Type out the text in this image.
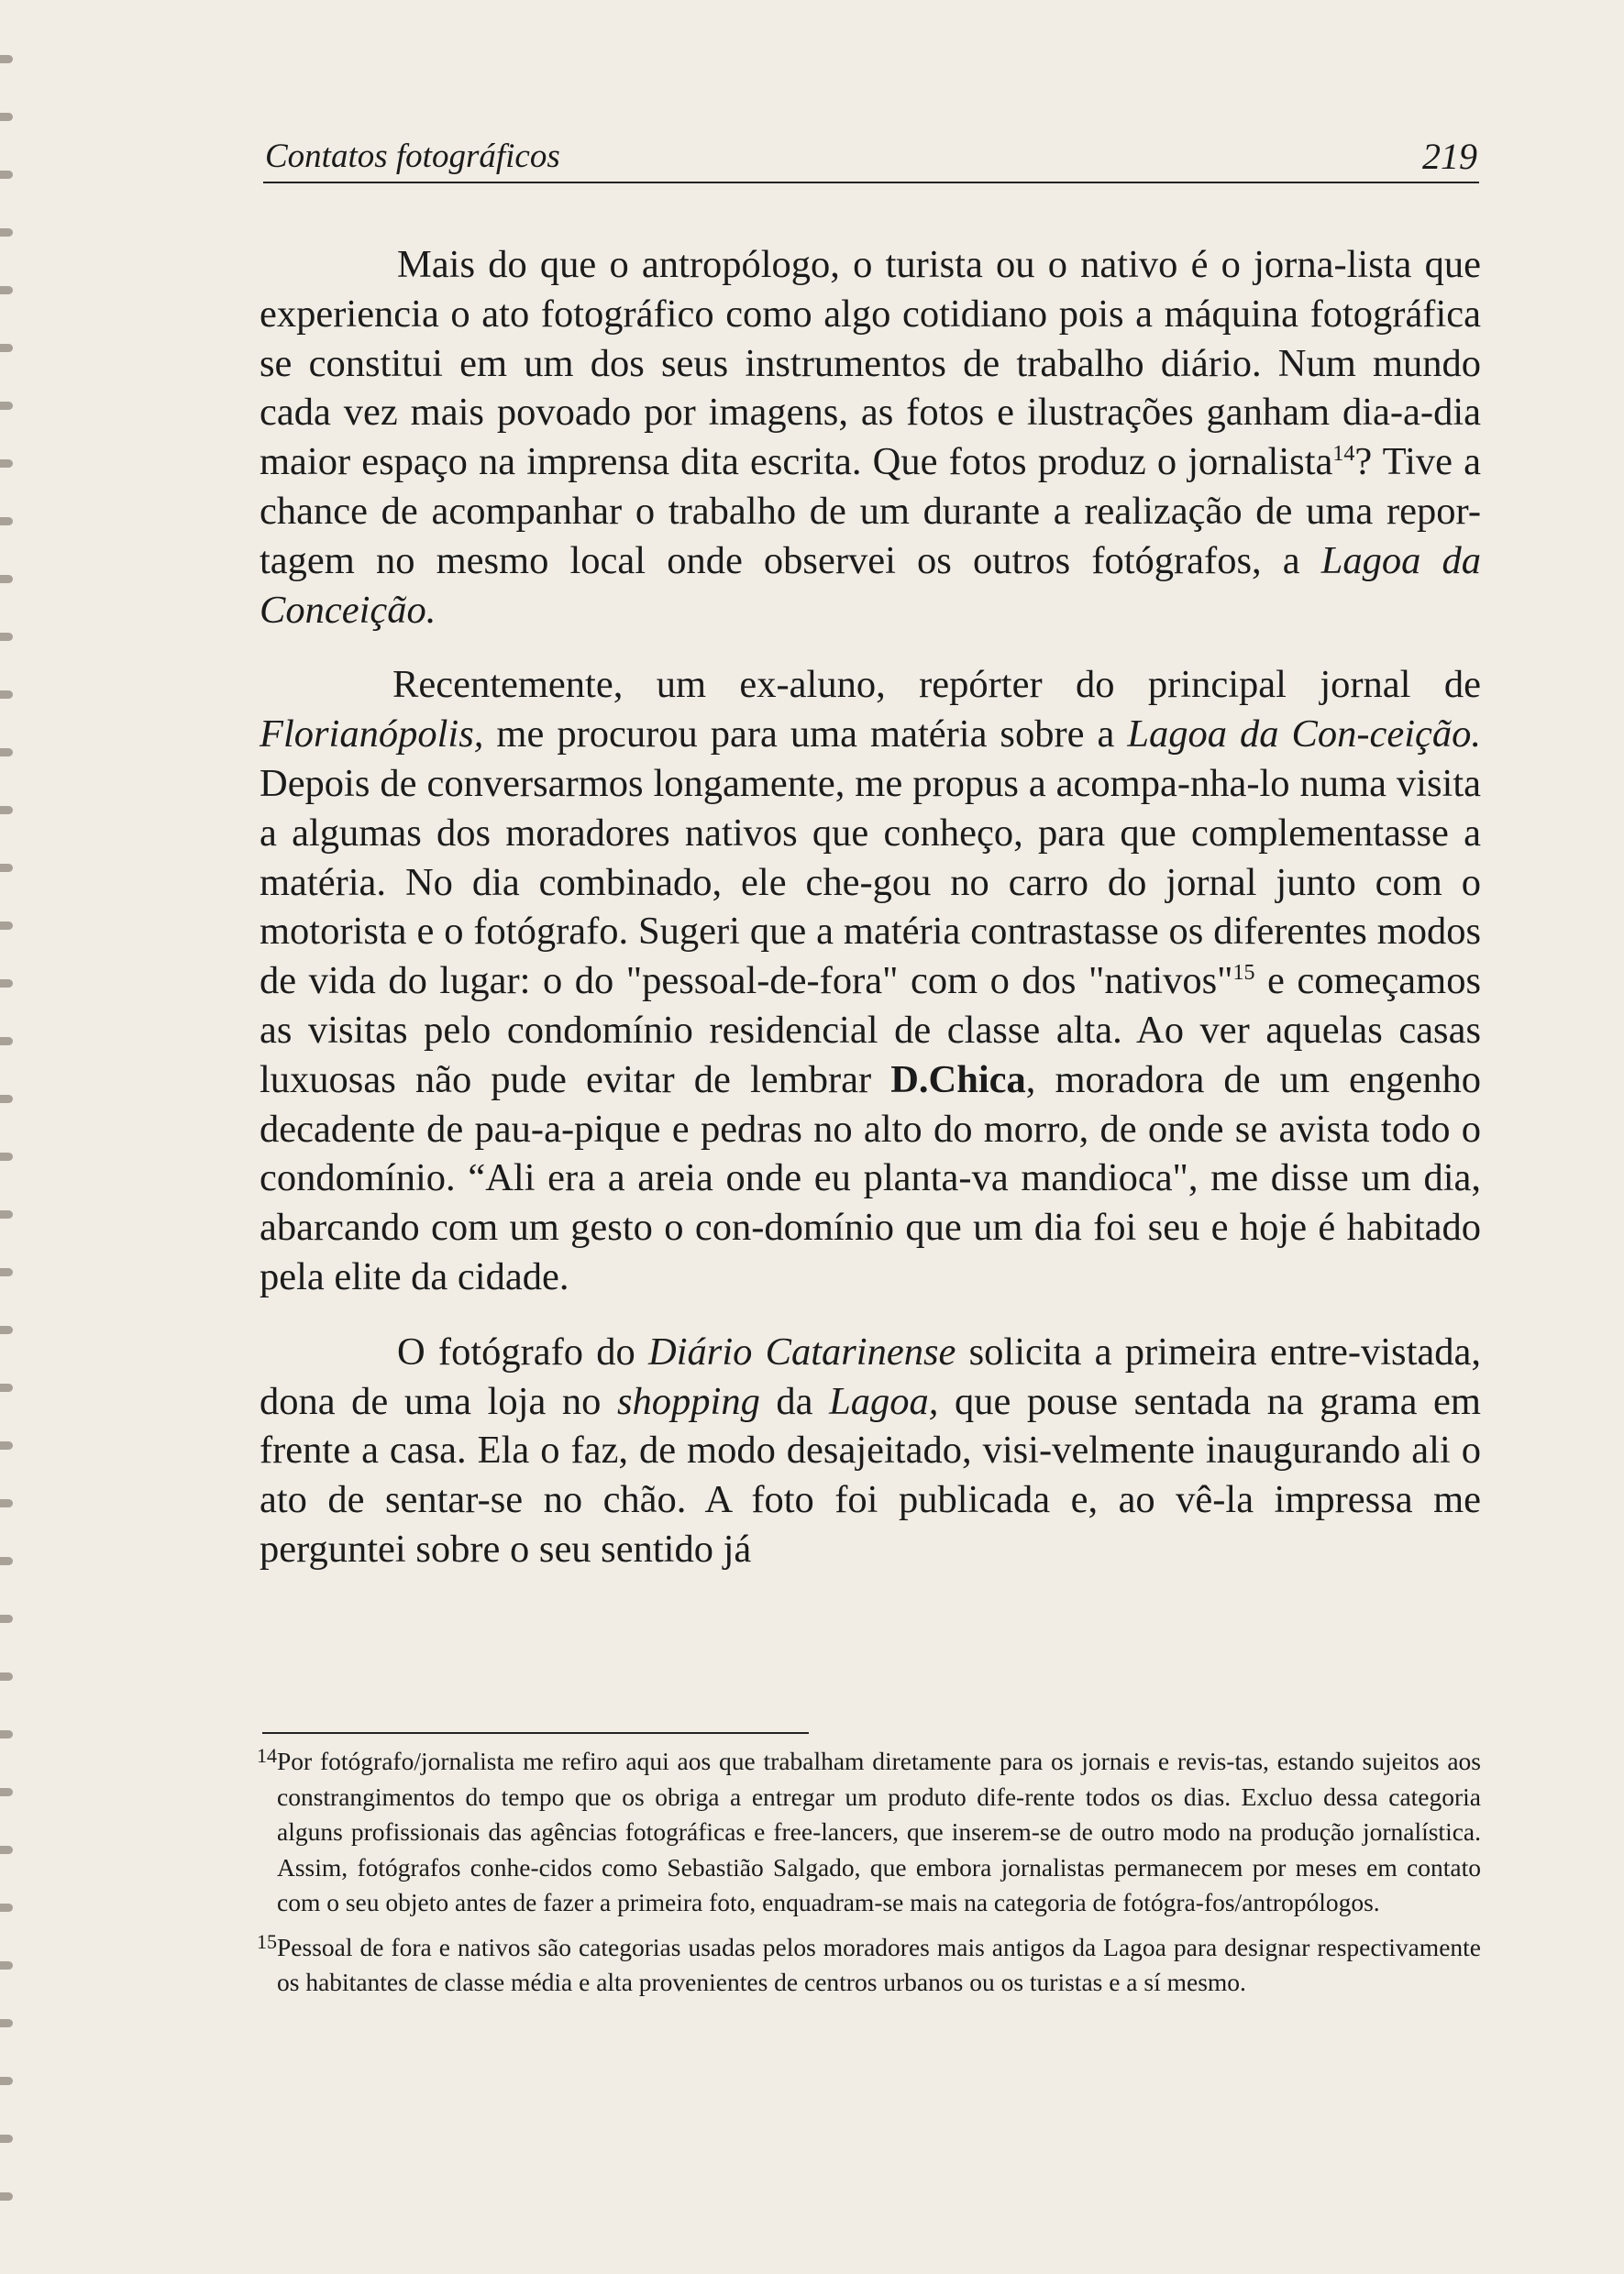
Contatos fotográficos	219

Mais do que o antropólogo, o turista ou o nativo é o jorna-lista que experiencia o ato fotográfico como algo cotidiano pois a máquina fotográfica se constitui em um dos seus instrumentos de trabalho diário. Num mundo cada vez mais povoado por imagens, as fotos e ilustrações ganham dia-a-dia maior espaço na imprensa dita escrita. Que fotos produz o jornalista$^{14}$? Tive a chance de acompanhar o trabalho de um durante a realização de uma repor-tagem no mesmo local onde observei os outros fotógrafos, a Lagoa da Conceição.

Recentemente, um ex-aluno, repórter do principal jornal de Florianópolis, me procurou para uma matéria sobre a Lagoa da Con-ceição. Depois de conversarmos longamente, me propus a acompa-nha-lo numa visita a algumas dos moradores nativos que conheço, para que complementasse a matéria. No dia combinado, ele che-gou no carro do jornal junto com o motorista e o fotógrafo. Sugeri que a matéria contrastasse os diferentes modos de vida do lugar: o do "pessoal-de-fora" com o dos "nativos"$^{15}$ e começamos as visitas pelo condomínio residencial de classe alta. Ao ver aquelas casas luxuosas não pude evitar de lembrar D.Chica, moradora de um engenho decadente de pau-a-pique e pedras no alto do morro, de onde se avista todo o condomínio. “Ali era a areia onde eu planta-va mandioca", me disse um dia, abarcando com um gesto o con-domínio que um dia foi seu e hoje é habitado pela elite da cidade.

O fotógrafo do Diário Catarinense solicita a primeira entre-vistada, dona de uma loja no shopping da Lagoa, que pouse sentada na grama em frente a casa. Ela o faz, de modo desajeitado, visi-velmente inaugurando ali o ato de sentar-se no chão. A foto foi publicada e, ao vê-la impressa me perguntei sobre o seu sentido já

14 Por fotógrafo/jornalista me refiro aqui aos que trabalham diretamente para os jornais e revis-tas, estando sujeitos aos constrangimentos do tempo que os obriga a entregar um produto dife-rente todos os dias. Excluo dessa categoria alguns profissionais das agências fotográficas e free-lancers, que inserem-se de outro modo na produção jornalística. Assim, fotógrafos conhe-cidos como Sebastião Salgado, que embora jornalistas permanecem por meses em contato com o seu objeto antes de fazer a primeira foto, enquadram-se mais na categoria de fotógra-fos/antropólogos.
15 Pessoal de fora e nativos são categorias usadas pelos moradores mais antigos da Lagoa para designar respectivamente os habitantes de classe média e alta provenientes de centros urbanos ou os turistas e a sí mesmo.
